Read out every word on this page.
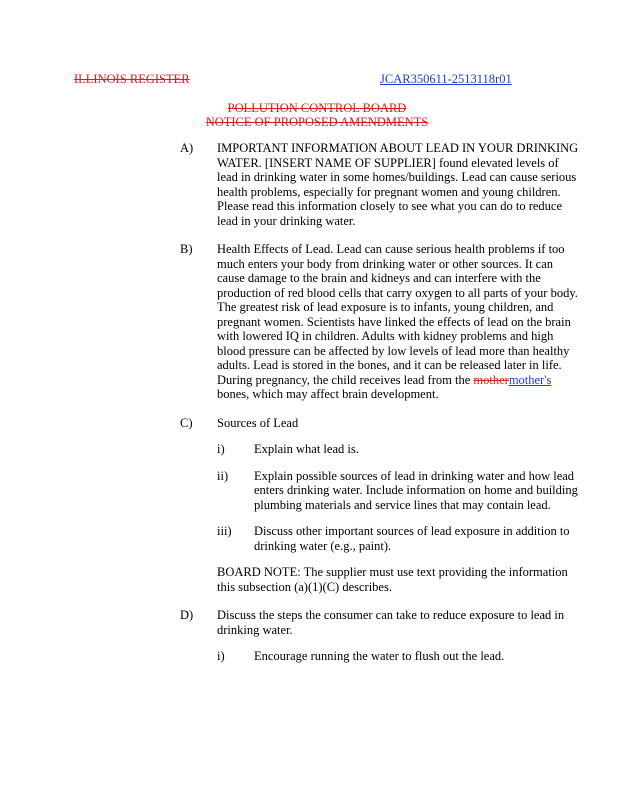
ILLINOIS REGISTER	JCAR350611-2513118r01
POLLUTION CONTROL BOARD
NOTICE OF PROPOSED AMENDMENTS
A) IMPORTANT INFORMATION ABOUT LEAD IN YOUR DRINKING WATER. [INSERT NAME OF SUPPLIER] found elevated levels of lead in drinking water in some homes/buildings. Lead can cause serious health problems, especially for pregnant women and young children. Please read this information closely to see what you can do to reduce lead in your drinking water.
B) Health Effects of Lead. Lead can cause serious health problems if too much enters your body from drinking water or other sources. It can cause damage to the brain and kidneys and can interfere with the production of red blood cells that carry oxygen to all parts of your body. The greatest risk of lead exposure is to infants, young children, and pregnant women. Scientists have linked the effects of lead on the brain with lowered IQ in children. Adults with kidney problems and high blood pressure can be affected by low levels of lead more than healthy adults. Lead is stored in the bones, and it can be released later in life. During pregnancy, the child receives lead from the mothermother's bones, which may affect brain development.
C) Sources of Lead
i) Explain what lead is.
ii) Explain possible sources of lead in drinking water and how lead enters drinking water. Include information on home and building plumbing materials and service lines that may contain lead.
iii) Discuss other important sources of lead exposure in addition to drinking water (e.g., paint).
BOARD NOTE: The supplier must use text providing the information this subsection (a)(1)(C) describes.
D) Discuss the steps the consumer can take to reduce exposure to lead in drinking water.
i) Encourage running the water to flush out the lead.
